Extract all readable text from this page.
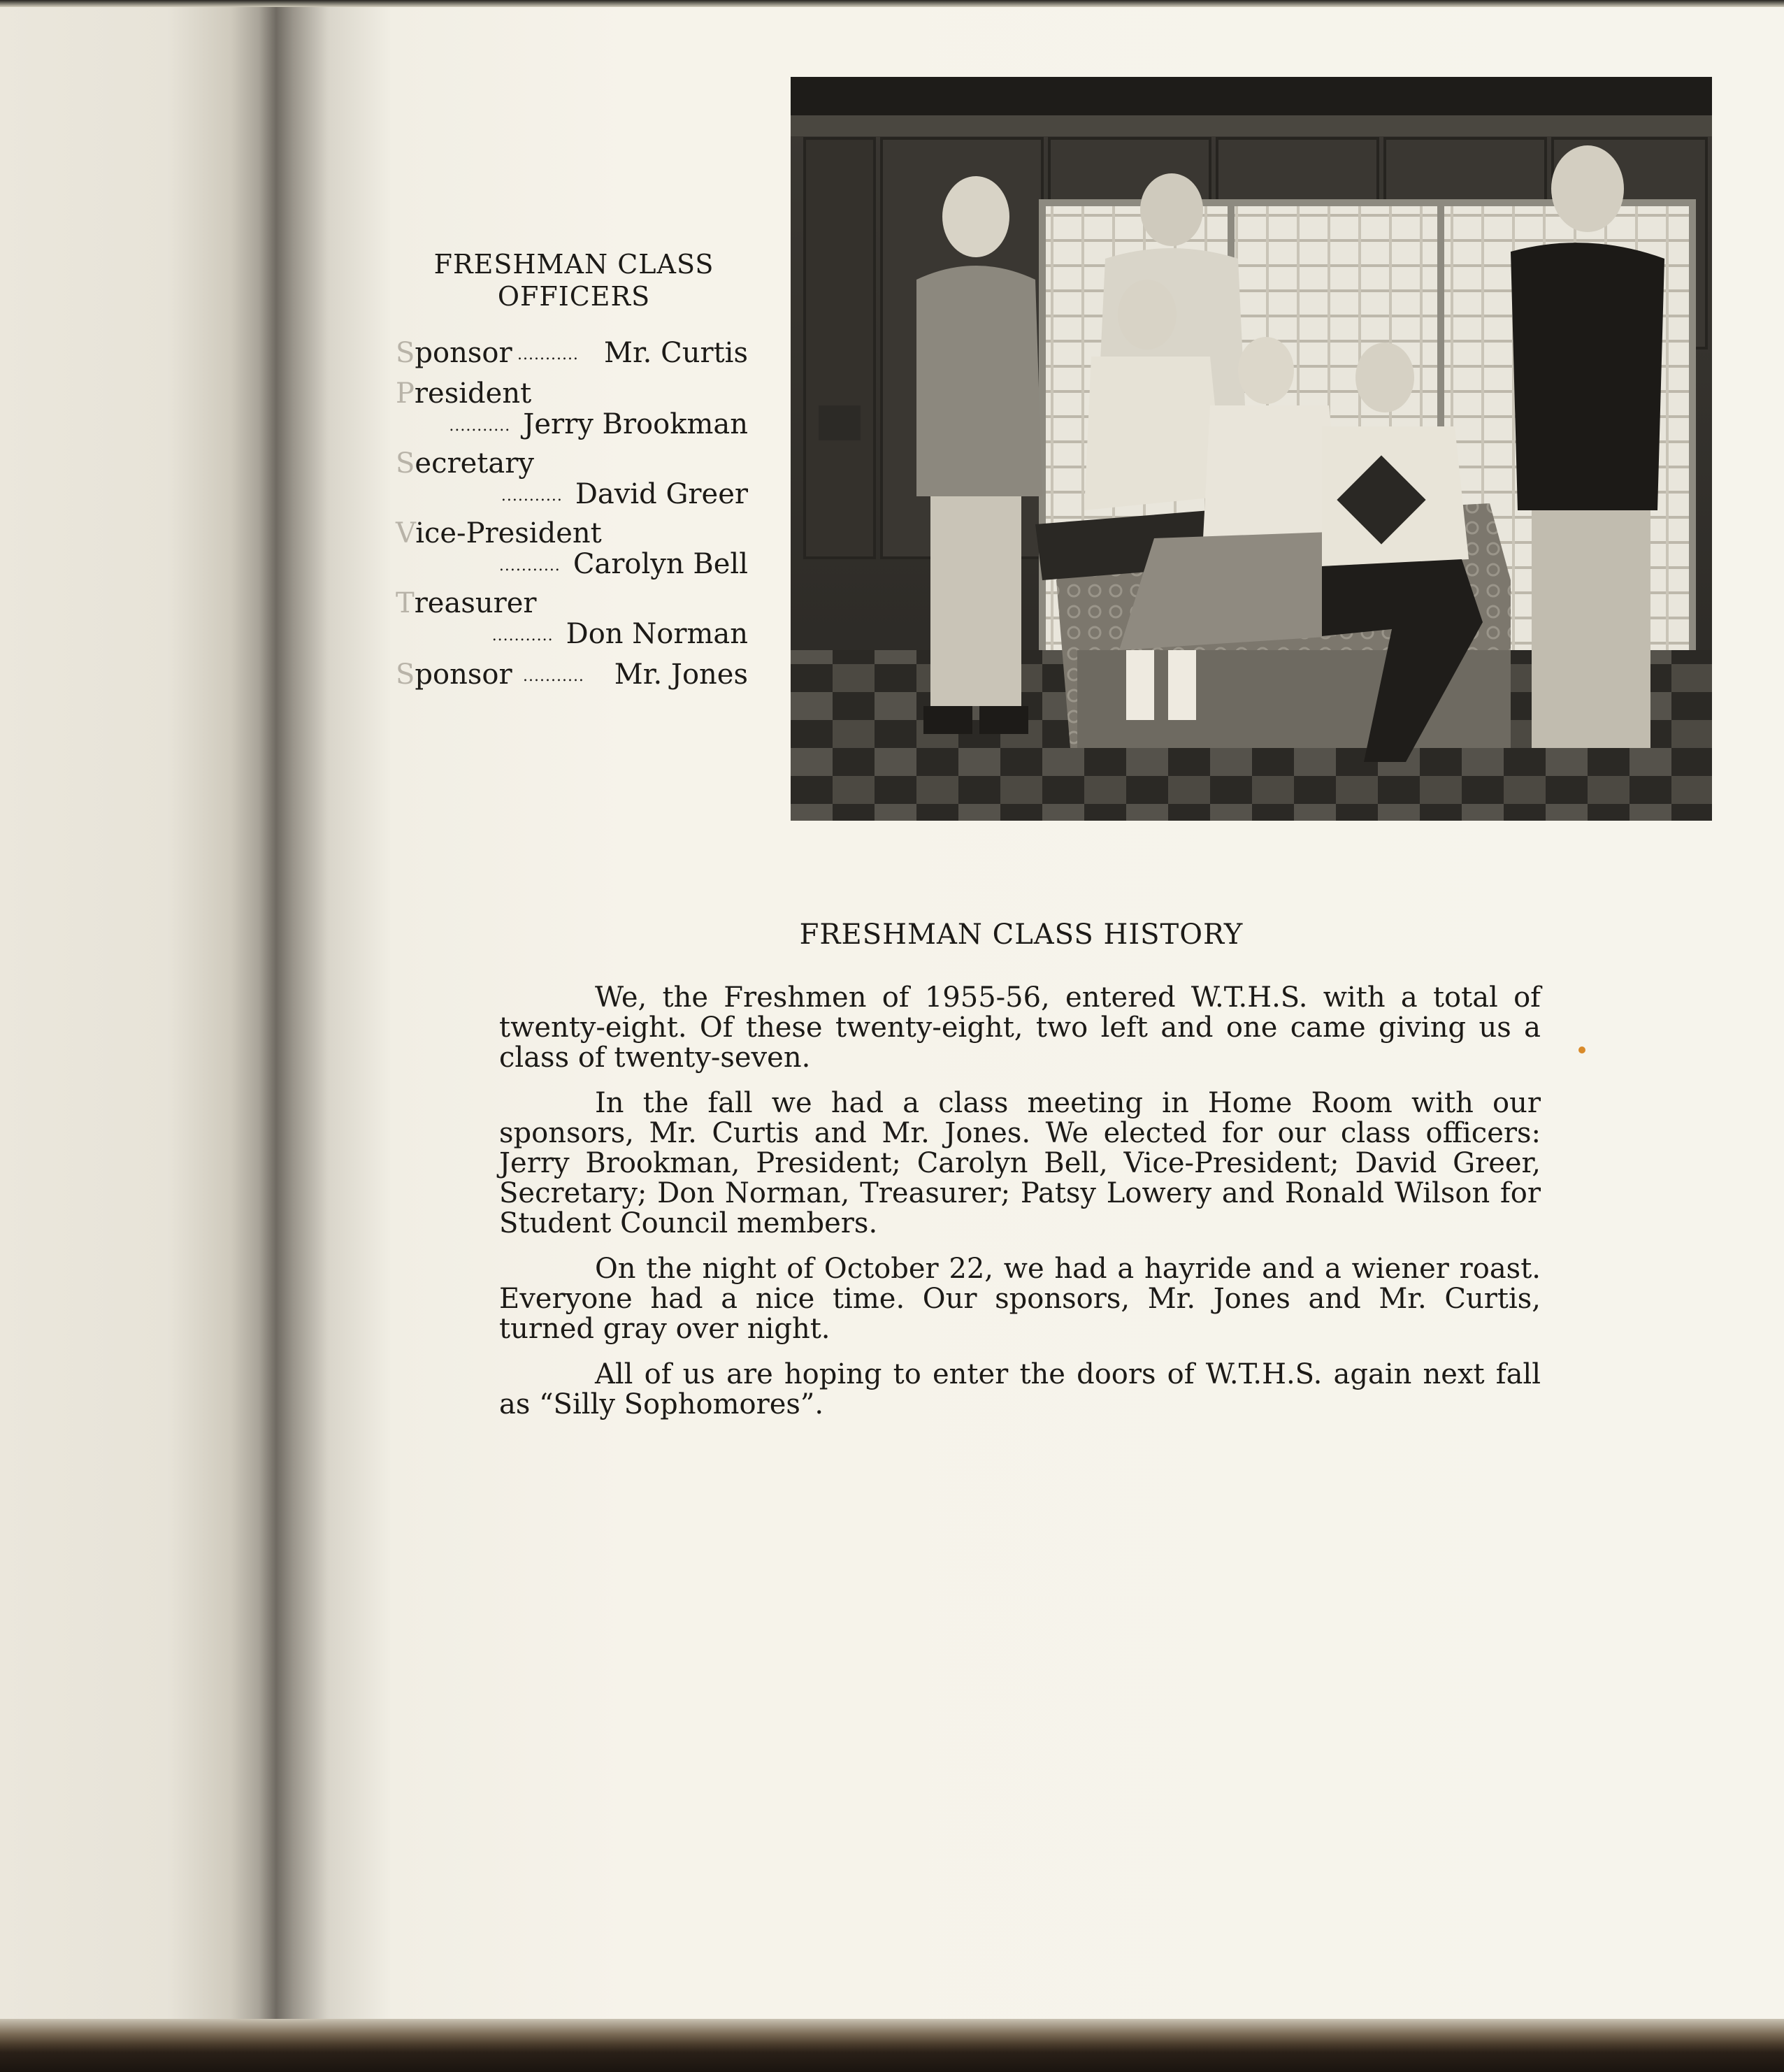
FRESHMAN CLASS
OFFICERS
Sponsor ........... Mr. Curtis
President
........... Jerry Brookman
Secretary
........... David Greer
Vice-President
........... Carolyn Bell
Treasurer
........... Don Norman
Sponsor ........... Mr. Jones
FRESHMAN CLASS HISTORY

We, the Freshmen of 1955-56, entered W.T.H.S. with a total of twenty-eight. Of these twenty-eight, two left and one came giving us a class of twenty-seven.

In the fall we had a class meeting in Home Room with our sponsors, Mr. Curtis and Mr. Jones. We elected for our class officers: Jerry Brookman, President; Carolyn Bell, Vice-President; David Greer, Secretary; Don Norman, Treasurer; Patsy Lowery and Ronald Wilson for Student Council members.

On the night of October 22, we had a hayride and a wiener roast. Everyone had a nice time. Our sponsors, Mr. Jones and Mr. Curtis, turned gray over night.

All of us are hoping to enter the doors of W.T.H.S. again next fall as “Silly Sophomores”.
